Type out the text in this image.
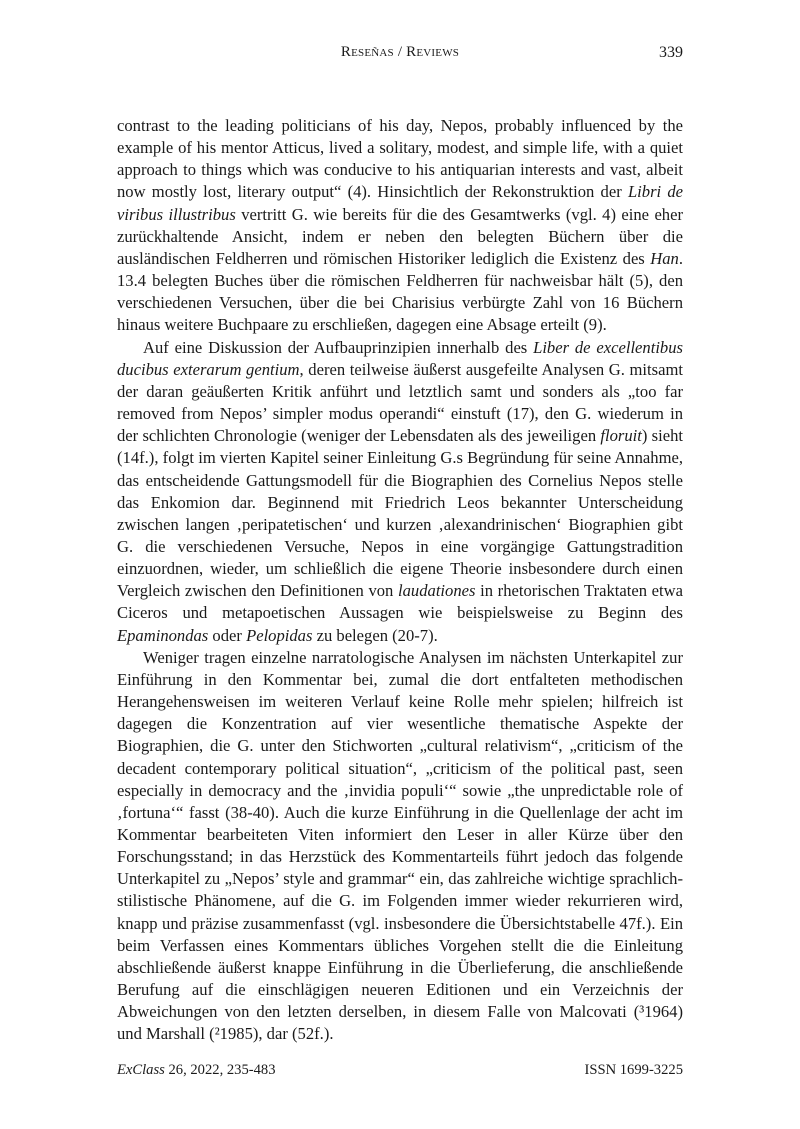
Reseñas / Reviews	339

contrast to the leading politicians of his day, Nepos, probably influenced by the example of his mentor Atticus, lived a solitary, modest, and simple life, with a quiet approach to things which was conducive to his antiquarian interests and vast, albeit now mostly lost, literary output“ (4). Hinsichtlich der Rekonstruktion der Libri de viribus illustribus vertritt G. wie bereits für die des Gesamtwerks (vgl. 4) eine eher zurückhaltende Ansicht, indem er neben den belegten Büchern über die ausländischen Feldherren und römischen Historiker lediglich die Existenz des Han. 13.4 belegten Buches über die römischen Feldherren für nachweisbar hält (5), den verschiedenen Versuchen, über die bei Charisius verbürgte Zahl von 16 Büchern hinaus weitere Buchpaare zu erschließen, dagegen eine Absage erteilt (9).

Auf eine Diskussion der Aufbauprinzipien innerhalb des Liber de excellentibus ducibus exterarum gentium, deren teilweise äußerst ausgefeilte Analysen G. mitsamt der daran geäußerten Kritik anführt und letztlich samt und sonders als „too far removed from Nepos’ simpler modus operandi“ einstuft (17), den G. wiederum in der schlichten Chronologie (weniger der Lebensdaten als des jeweiligen floruit) sieht (14f.), folgt im vierten Kapitel seiner Einleitung G.s Begründung für seine Annahme, das entscheidende Gattungsmodell für die Biographien des Cornelius Nepos stelle das Enkomion dar. Beginnend mit Friedrich Leos bekannter Unterscheidung zwischen langen ‚peripatetischen‘ und kurzen ‚alexandrinischen‘ Biographien gibt G. die verschiedenen Versuche, Nepos in eine vorgängige Gattungstradition einzuordnen, wieder, um schließlich die eigene Theorie insbesondere durch einen Vergleich zwischen den Definitionen von laudationes in rhetorischen Traktaten etwa Ciceros und metapoetischen Aussagen wie beispielsweise zu Beginn des Epaminondas oder Pelopidas zu belegen (20-7).

Weniger tragen einzelne narratologische Analysen im nächsten Unterkapitel zur Einführung in den Kommentar bei, zumal die dort entfalteten methodischen Herangehensweisen im weiteren Verlauf keine Rolle mehr spielen; hilfreich ist dagegen die Konzentration auf vier wesentliche thematische Aspekte der Biographien, die G. unter den Stichworten „cultural relativism“, „criticism of the decadent contemporary political situation“, „criticism of the political past, seen especially in democracy and the ‚invidia populi‘“ sowie „the unpredictable role of ‚fortuna‘“ fasst (38-40). Auch die kurze Einführung in die Quellenlage der acht im Kommentar bearbeiteten Viten informiert den Leser in aller Kürze über den Forschungsstand; in das Herzstück des Kommentarteils führt jedoch das folgende Unterkapitel zu „Nepos’ style and grammar“ ein, das zahlreiche wichtige sprachlich-stilistische Phänomene, auf die G. im Folgenden immer wieder rekurrieren wird, knapp und präzise zusammenfasst (vgl. insbesondere die Übersichtstabelle 47f.). Ein beim Verfassen eines Kommentars übliches Vorgehen stellt die die Einleitung abschließende äußerst knappe Einführung in die Überlieferung, die anschließende Berufung auf die einschlägigen neueren Editionen und ein Verzeichnis der Abweichungen von den letzten derselben, in diesem Falle von Malcovati (³1964) und Marshall (²1985), dar (52f.).

ExClass 26, 2022, 235-483	ISSN 1699-3225
